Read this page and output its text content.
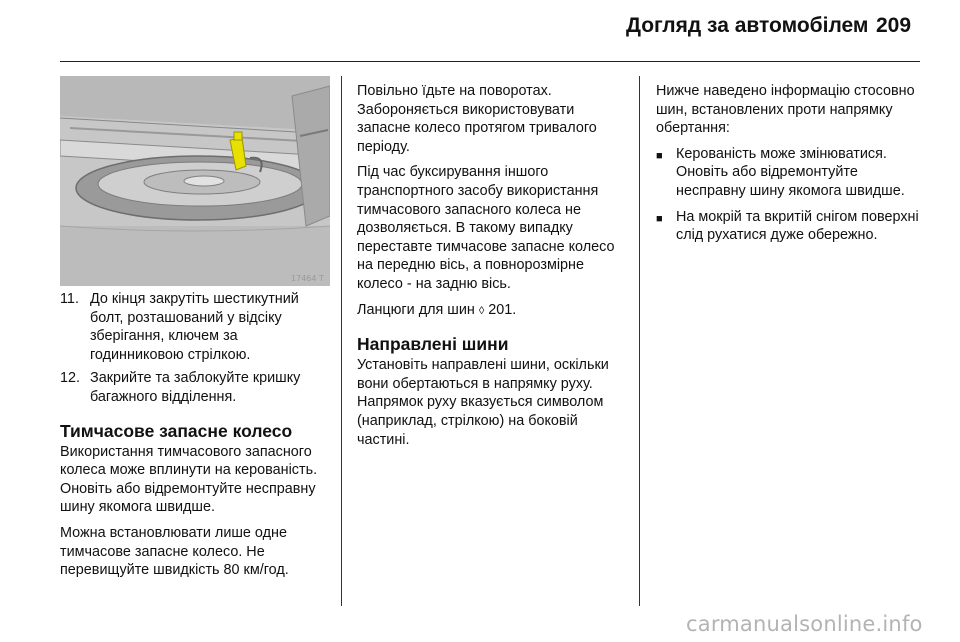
Догляд за автомобілем 209
17464 T
11. До кінця закрутіть шестикутний болт, розташований у відсіку зберігання, ключем за годинниковою стрілкою.
12. Закрийте та заблокуйте кришку багажного відділення.
Тимчасове запасне колесо

Використання тимчасового запасного колеса може вплинути на керованість. Оновіть або відремонтуйте несправну шину якомога швидше.

Можна встановлювати лише одне тимчасове запасне колесо. Не перевищуйте швидкість 80 км/год.

Повільно їдьте на поворотах. Забороняється використовувати запасне колесо протягом тривалого періоду.

Під час буксирування іншого транспортного засобу використання тимчасового запасного колеса не дозволяється. В такому випадку переставте тимчасове запасне колесо на передню вісь, а повнорозмірне колесо - на задню вісь.

Ланцюги для шин ◊ 201.

Направлені шини

Установіть направлені шини, оскільки вони обертаються в напрямку руху. Напрямок руху вказується символом (наприклад, стрілкою) на боковій частині.

Нижче наведено інформацію стосовно шин, встановлених проти напрямку обертання:

■ Керованість може змінюватися. Оновіть або відремонтуйте несправну шину якомога швидше.
■ На мокрій та вкритій снігом поверхні слід рухатися дуже обережно.
carmanualsonline.info
